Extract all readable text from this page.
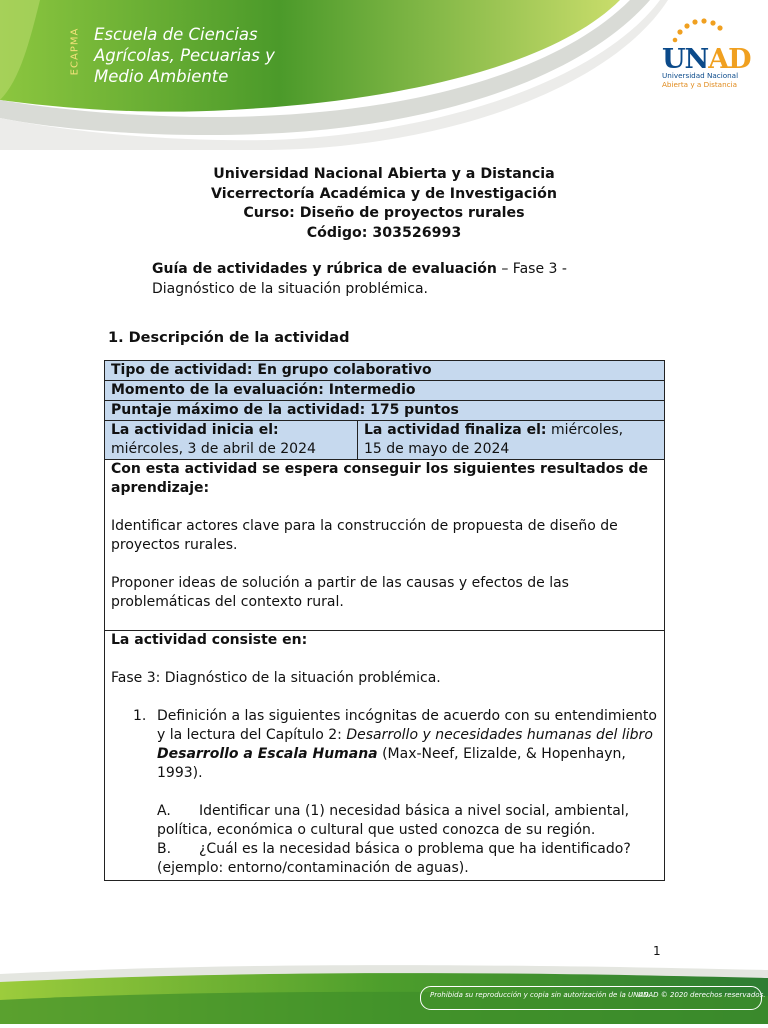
ECAPMA Escuela de Ciencias
Agrícolas, Pecuarias y
Medio Ambiente
UNAD
Universidad Nacional
Abierta y a Distancia
Universidad Nacional Abierta y a Distancia
Vicerrectoría Académica y de Investigación
Curso: Diseño de proyectos rurales
Código: 303526993
Guía de actividades y rúbrica de evaluación – Fase 3 - Diagnóstico de la situación problémica.
1. Descripción de la actividad
Tipo de actividad: En grupo colaborativo
Momento de la evaluación: Intermedio
Puntaje máximo de la actividad: 175 puntos

La actividad inicia el:
miércoles, 3 de abril de 2024

La actividad finaliza el: miércoles,
15 de mayo de 2024

Con esta actividad se espera conseguir los siguientes resultados de aprendizaje:

Identificar actores clave para la construcción de propuesta de diseño de proyectos rurales.

Proponer ideas de solución a partir de las causas y efectos de las problemáticas del contexto rural.

La actividad consiste en:

Fase 3: Diagnóstico de la situación problémica.

1. Definición a las siguientes incógnitas de acuerdo con su entendimiento y la lectura del Capítulo 2: Desarrollo y necesidades humanas del libro Desarrollo a Escala Humana (Max-Neef, Elizalde, & Hopenhayn, 1993).

A. Identificar una (1) necesidad básica a nivel social, ambiental, política, económica o cultural que usted conozca de su región.

B. ¿Cuál es la necesidad básica o problema que ha identificado?

(ejemplo: entorno/contaminación de aguas).

1
Prohibida su reproducción y copia sin autorización de la UNAD.
UNAD © 2020 derechos reservados.
